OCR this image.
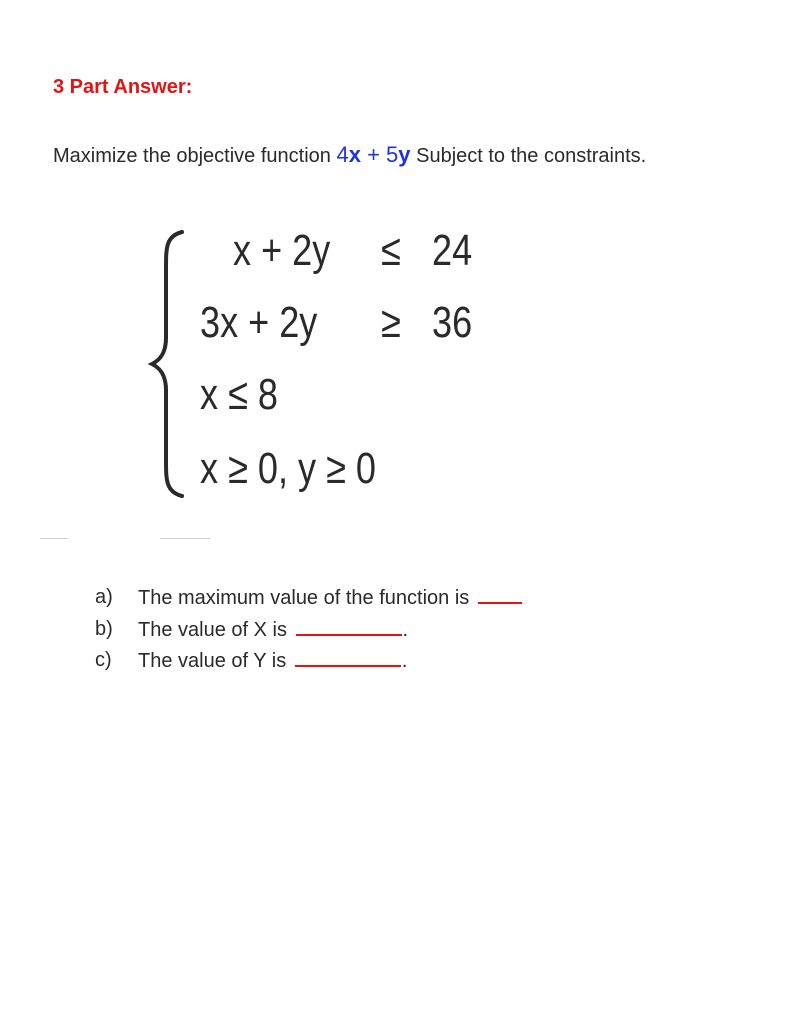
3 Part Answer:
Maximize the objective function 4x + 5y Subject to the constraints.
x + 2y ≤ 24
3x + 2y ≥ 36
x ≤ 8
x ≥ 0, y ≥ 0
a) The maximum value of the function is
b) The value of X is	.
c) The value of Y is	.
